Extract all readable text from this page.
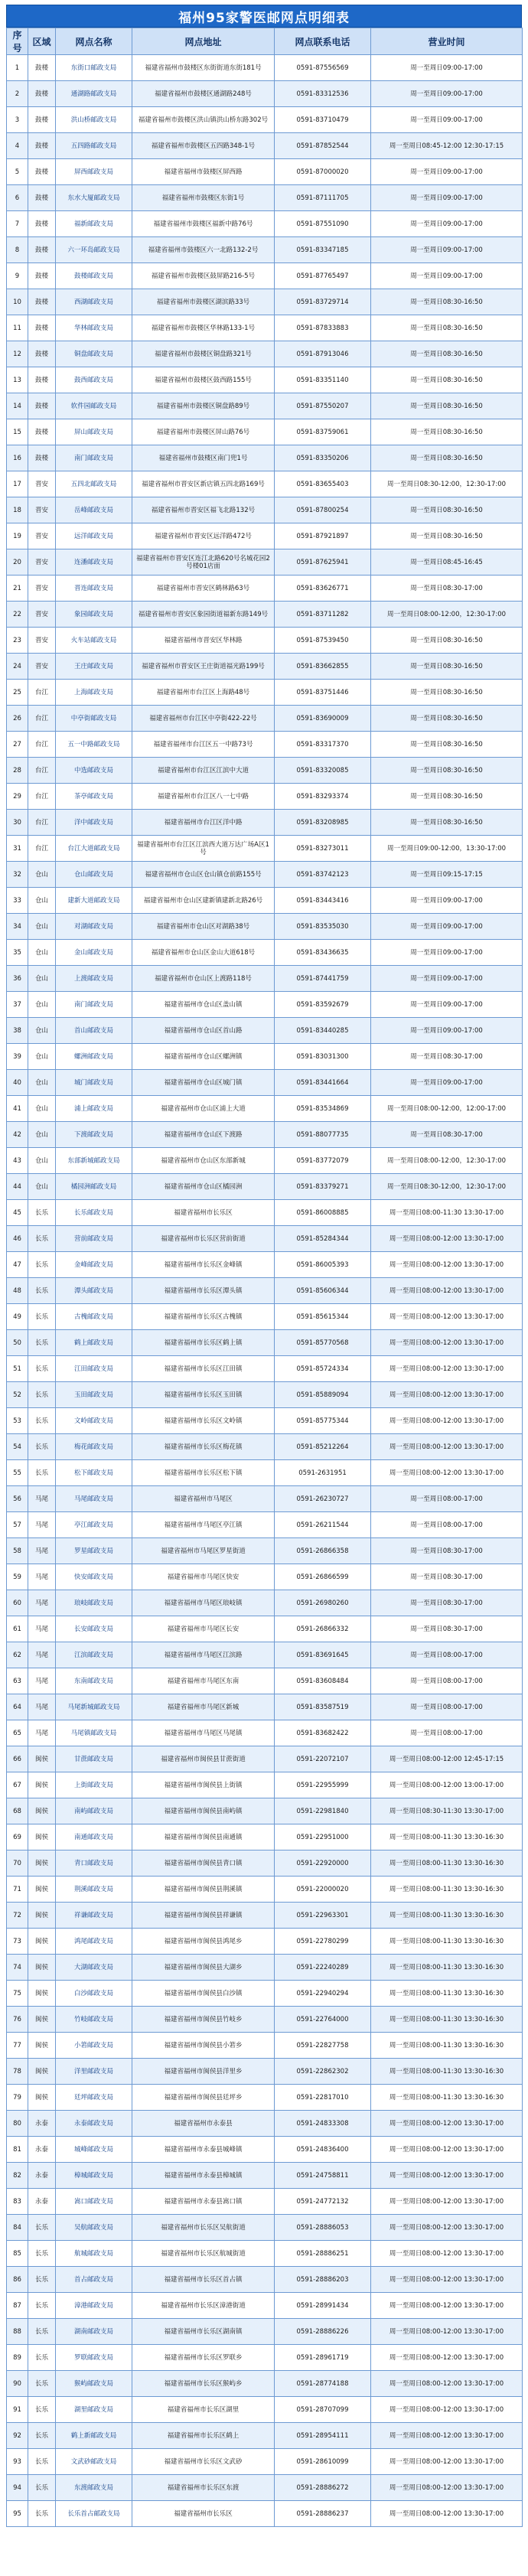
福州95家警医邮网点明细表
序号	区域	网点名称	网点地址	网点联系电话	营业时间
1	鼓楼	东街口邮政支局	福建省福州市鼓楼区东街街道东街181号	0591-87556569	周一至周日09:00-17:00
2	鼓楼	通湖路邮政支局	福建省福州市鼓楼区通湖路248号	0591-83312536	周一至周日09:00-17:00
3	鼓楼	洪山桥邮政支局	福建省福州市鼓楼区洪山镇洪山桥东路302号	0591-83710479	周一至周日09:00-17:00
4	鼓楼	五四路邮政支局	福建省福州市鼓楼区五四路348-1号	0591-87852544	周一至周日08:45-12:00 12:30-17:15
5	鼓楼	屏西邮政支局	福建省福州市鼓楼区屏西路	0591-87000020	周一至周日09:00-17:00
6	鼓楼	东水大厦邮政支局	福建省福州市鼓楼区东街1号	0591-87111705	周一至周日09:00-17:00
7	鼓楼	福新邮政支局	福建省福州市鼓楼区福新中路76号	0591-87551090	周一至周日09:00-17:00
8	鼓楼	六一环岛邮政支局	福建省福州市鼓楼区六一北路132-2号	0591-83347185	周一至周日09:00-17:00
9	鼓楼	鼓楼邮政支局	福建省福州市鼓楼区鼓屏路216-5号	0591-87765497	周一至周日09:00-17:00
10	鼓楼	西湖邮政支局	福建省福州市鼓楼区湖滨路33号	0591-83729714	周一至周日08:30-16:50
11	鼓楼	华林邮政支局	福建省福州市鼓楼区华林路133-1号	0591-87833883	周一至周日08:30-16:50
12	鼓楼	铜盘邮政支局	福建省福州市鼓楼区铜盘路321号	0591-87913046	周一至周日08:30-16:50
13	鼓楼	鼓西邮政支局	福建省福州市鼓楼区鼓西路155号	0591-83351140	周一至周日08:30-16:50
14	鼓楼	软件园邮政支局	福建省福州市鼓楼区铜盘路89号	0591-87550207	周一至周日08:30-16:50
15	鼓楼	屏山邮政支局	福建省福州市鼓楼区屏山路76号	0591-83759061	周一至周日08:30-16:50
16	鼓楼	南门邮政支局	福建省福州市鼓楼区南门兜1号	0591-83350206	周一至周日08:30-16:50
17	晋安	五四北邮政支局	福建省福州市晋安区新店镇五四北路169号	0591-83655403	周一至周日08:30-12:00，12:30-17:00
18	晋安	岳峰邮政支局	福建省福州市晋安区福飞北路132号	0591-87800254	周一至周日08:30-16:50
19	晋安	远洋邮政支局	福建省福州市晋安区远洋路472号	0591-87921897	周一至周日08:30-16:50
20	晋安	连潘邮政支局	福建省福州市晋安区连江北路620号名城花园2号楼01店面	0591-87625941	周一至周日08:45-16:45
21	晋安	晋连邮政支局	福建省福州市晋安区鹤林路63号	0591-83626771	周一至周日08:30-17:00
22	晋安	象园邮政支局	福建省福州市晋安区象园街道福新东路149号	0591-83711282	周一至周日08:00-12:00，12:30-17:00
23	晋安	火车站邮政支局	福建省福州市晋安区华林路	0591-87539450	周一至周日08:30-16:50
24	晋安	王庄邮政支局	福建省福州市晋安区王庄街道福光路199号	0591-83662855	周一至周日08:30-16:50
25	台江	上海邮政支局	福建省福州市台江区上海路48号	0591-83751446	周一至周日08:30-16:50
26	台江	中亭街邮政支局	福建省福州市台江区中亭街422-22号	0591-83690009	周一至周日08:30-16:50
27	台江	五一中路邮政支局	福建省福州市台江区五一中路73号	0591-83317370	周一至周日08:30-16:50
28	台江	中选邮政支局	福建省福州市台江区江滨中大道	0591-83320085	周一至周日08:30-16:50
29	台江	茶亭邮政支局	福建省福州市台江区八一七中路	0591-83293374	周一至周日08:30-16:50
30	台江	洋中邮政支局	福建省福州市台江区洋中路	0591-83208985	周一至周日08:30-16:50
31	台江	台江大道邮政支局	福建省福州市台江区江滨西大道万达广场A区1号	0591-83273011	周一至周日09:00-12:00，13:30-17:00
32	仓山	仓山邮政支局	福建省福州市仓山区仓山镇仓前路155号	0591-83742123	周一至周日09:15-17:15
33	仓山	建新大道邮政支局	福建省福州市仓山区建新镇建新北路26号	0591-83443416	周一至周日09:00-17:00
34	仓山	对湖邮政支局	福建省福州市仓山区对湖路38号	0591-83535030	周一至周日09:00-17:00
35	仓山	金山邮政支局	福建省福州市仓山区金山大道618号	0591-83436635	周一至周日09:00-17:00
36	仓山	上渡邮政支局	福建省福州市仓山区上渡路118号	0591-87441759	周一至周日09:00-17:00
37	仓山	南门邮政支局	福建省福州市仓山区盖山镇	0591-83592679	周一至周日09:00-17:00
38	仓山	首山邮政支局	福建省福州市仓山区首山路	0591-83440285	周一至周日09:00-17:00
39	仓山	螺洲邮政支局	福建省福州市仓山区螺洲镇	0591-83031300	周一至周日08:30-17:00
40	仓山	城门邮政支局	福建省福州市仓山区城门镇	0591-83441664	周一至周日09:00-17:00
41	仓山	浦上邮政支局	福建省福州市仓山区浦上大道	0591-83534869	周一至周日08:00-12:00，12:00-17:00
42	仓山	下渡邮政支局	福建省福州市仓山区下渡路	0591-88077735	周一至周日08:30-17:00
43	仓山	东部新城邮政支局	福建省福州市仓山区东部新城	0591-83772079	周一至周日08:00-12:00，12:30-17:00
44	仓山	橘园洲邮政支局	福建省福州市仓山区橘园洲	0591-83379271	周一至周日08:30-12:00，12:30-17:00
45	长乐	长乐邮政支局	福建省福州市长乐区	0591-86008885	周一至周日08:00-11:30 13:30-17:00
46	长乐	营前邮政支局	福建省福州市长乐区营前街道	0591-85284344	周一至周日08:00-12:00 13:30-17:00
47	长乐	金峰邮政支局	福建省福州市长乐区金峰镇	0591-86005393	周一至周日08:00-12:00 13:30-17:00
48	长乐	潭头邮政支局	福建省福州市长乐区潭头镇	0591-85606344	周一至周日08:00-12:00 13:30-17:00
49	长乐	古槐邮政支局	福建省福州市长乐区古槐镇	0591-85615344	周一至周日08:00-12:00 13:30-17:00
50	长乐	鹤上邮政支局	福建省福州市长乐区鹤上镇	0591-85770568	周一至周日08:00-12:00 13:30-17:00
51	长乐	江田邮政支局	福建省福州市长乐区江田镇	0591-85724334	周一至周日08:00-12:00 13:30-17:00
52	长乐	玉田邮政支局	福建省福州市长乐区玉田镇	0591-85889094	周一至周日08:00-12:00 13:30-17:00
53	长乐	文岭邮政支局	福建省福州市长乐区文岭镇	0591-85775344	周一至周日08:00-12:00 13:30-17:00
54	长乐	梅花邮政支局	福建省福州市长乐区梅花镇	0591-85212264	周一至周日08:00-12:00 13:30-17:00
55	长乐	松下邮政支局	福建省福州市长乐区松下镇	0591-2631951	周一至周日08:00-12:00 13:30-17:00
56	马尾	马尾邮政支局	福建省福州市马尾区	0591-26230727	周一至周日08:00-17:00
57	马尾	亭江邮政支局	福建省福州市马尾区亭江镇	0591-26211544	周一至周日08:00-17:00
58	马尾	罗星邮政支局	福建省福州市马尾区罗星街道	0591-26866358	周一至周日08:30-17:00
59	马尾	快安邮政支局	福建省福州市马尾区快安	0591-26866599	周一至周日08:30-17:00
60	马尾	琅岐邮政支局	福建省福州市马尾区琅岐镇	0591-26980260	周一至周日08:30-17:00
61	马尾	长安邮政支局	福建省福州市马尾区长安	0591-26866332	周一至周日08:30-17:00
62	马尾	江滨邮政支局	福建省福州市马尾区江滨路	0591-83691645	周一至周日08:00-17:00
63	马尾	东南邮政支局	福建省福州市马尾区东南	0591-83608484	周一至周日08:00-17:00
64	马尾	马尾新城邮政支局	福建省福州市马尾区新城	0591-83587519	周一至周日08:00-17:00
65	马尾	马尾镇邮政支局	福建省福州市马尾区马尾镇	0591-83682422	周一至周日08:00-17:00
66	闽侯	甘蔗邮政支局	福建省福州市闽侯县甘蔗街道	0591-22072107	周一至周日08:00-12:00 12:45-17:15
67	闽侯	上街邮政支局	福建省福州市闽侯县上街镇	0591-22955999	周一至周日08:00-12:00 13:00-17:00
68	闽侯	南屿邮政支局	福建省福州市闽侯县南屿镇	0591-22981840	周一至周日08:30-11:30 13:30-17:00
69	闽侯	南通邮政支局	福建省福州市闽侯县南通镇	0591-22951000	周一至周日08:00-11:30 13:30-16:30
70	闽侯	青口邮政支局	福建省福州市闽侯县青口镇	0591-22920000	周一至周日08:00-11:30 13:30-16:30
71	闽侯	荆溪邮政支局	福建省福州市闽侯县荆溪镇	0591-22000020	周一至周日08:00-11:30 13:30-16:30
72	闽侯	祥谦邮政支局	福建省福州市闽侯县祥谦镇	0591-22963301	周一至周日08:00-11:30 13:30-16:30
73	闽侯	鸿尾邮政支局	福建省福州市闽侯县鸿尾乡	0591-22780299	周一至周日08:00-11:30 13:30-16:30
74	闽侯	大湖邮政支局	福建省福州市闽侯县大湖乡	0591-22240289	周一至周日08:00-11:30 13:30-16:30
75	闽侯	白沙邮政支局	福建省福州市闽侯县白沙镇	0591-22940294	周一至周日08:00-11:30 13:30-16:30
76	闽侯	竹岐邮政支局	福建省福州市闽侯县竹岐乡	0591-22764000	周一至周日08:00-11:30 13:30-16:30
77	闽侯	小箬邮政支局	福建省福州市闽侯县小箬乡	0591-22827758	周一至周日08:00-11:30 13:30-16:30
78	闽侯	洋里邮政支局	福建省福州市闽侯县洋里乡	0591-22862302	周一至周日08:00-11:30 13:30-16:30
79	闽侯	廷坪邮政支局	福建省福州市闽侯县廷坪乡	0591-22817010	周一至周日08:00-11:30 13:30-16:30
80	永泰	永泰邮政支局	福建省福州市永泰县	0591-24833308	周一至周日08:00-12:00 13:30-17:00
81	永泰	城峰邮政支局	福建省福州市永泰县城峰镇	0591-24836400	周一至周日08:00-12:00 13:30-17:00
82	永泰	樟城邮政支局	福建省福州市永泰县樟城镇	0591-24758811	周一至周日08:00-12:00 13:30-17:00
83	永泰	嵩口邮政支局	福建省福州市永泰县嵩口镇	0591-24772132	周一至周日08:00-12:00 13:30-17:00
84	长乐	吴航邮政支局	福建省福州市长乐区吴航街道	0591-28886053	周一至周日08:00-12:00 13:30-17:00
85	长乐	航城邮政支局	福建省福州市长乐区航城街道	0591-28886251	周一至周日08:00-12:00 13:30-17:00
86	长乐	首占邮政支局	福建省福州市长乐区首占镇	0591-28886203	周一至周日08:00-12:00 13:30-17:00
87	长乐	漳港邮政支局	福建省福州市长乐区漳港街道	0591-28991434	周一至周日08:00-12:00 13:30-17:00
88	长乐	湖南邮政支局	福建省福州市长乐区湖南镇	0591-28886226	周一至周日08:00-12:00 13:30-17:00
89	长乐	罗联邮政支局	福建省福州市长乐区罗联乡	0591-28961719	周一至周日08:00-12:00 13:30-17:00
90	长乐	猴屿邮政支局	福建省福州市长乐区猴屿乡	0591-28774188	周一至周日08:00-12:00 13:30-17:00
91	长乐	湖里邮政支局	福建省福州市长乐区湖里	0591-28707099	周一至周日08:00-12:00 13:30-17:00
92	长乐	鹤上新邮政支局	福建省福州市长乐区鹤上	0591-28954111	周一至周日08:00-12:00 13:30-17:00
93	长乐	文武砂邮政支局	福建省福州市长乐区文武砂	0591-28610099	周一至周日08:00-12:00 13:30-17:00
94	长乐	东渡邮政支局	福建省福州市长乐区东渡	0591-28886272	周一至周日08:00-12:00 13:30-17:00
95	长乐	长乐首占邮政支局	福建省福州市长乐区	0591-28886237	周一至周日08:00-12:00 13:30-17:00
